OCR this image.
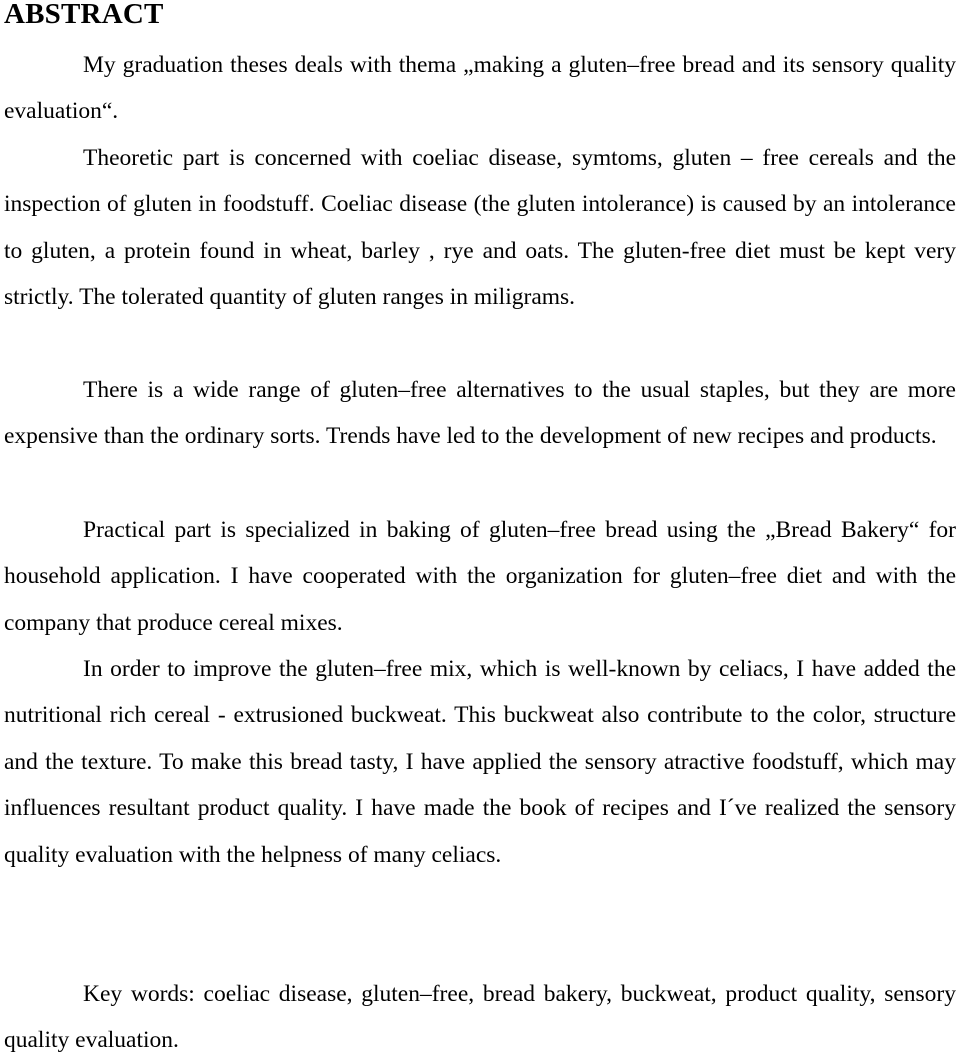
ABSTRACT

My graduation theses deals with thema „making a gluten–free bread and its sensory quality evaluation“.

Theoretic part is concerned with coeliac disease, symtoms, gluten – free cereals and the inspection of gluten in foodstuff. Coeliac disease (the gluten intolerance) is caused by an intolerance to gluten, a protein found in wheat, barley , rye and oats. The gluten-free diet must be kept very strictly. The tolerated quantity of gluten ranges in miligrams.

There is a wide range of gluten–free alternatives to the usual staples, but they are more expensive than the ordinary sorts. Trends have led to the development of new recipes and products.

Practical part is specialized in baking of gluten–free bread using the „Bread Bakery“ for household application. I have cooperated with the organization for gluten–free diet and with the company that produce cereal mixes.

In order to improve the gluten–free mix, which is well-known by celiacs, I have added the nutritional rich cereal - extrusioned buckweat. This buckweat also contribute to the color, structure and the texture. To make this bread tasty, I have applied the sensory atractive foodstuff, which may influences resultant product quality. I have made the book of recipes and I´ve realized the sensory quality evaluation with the helpness of many celiacs.

Key words: coeliac disease, gluten–free, bread bakery, buckweat, product quality, sensory quality evaluation.
